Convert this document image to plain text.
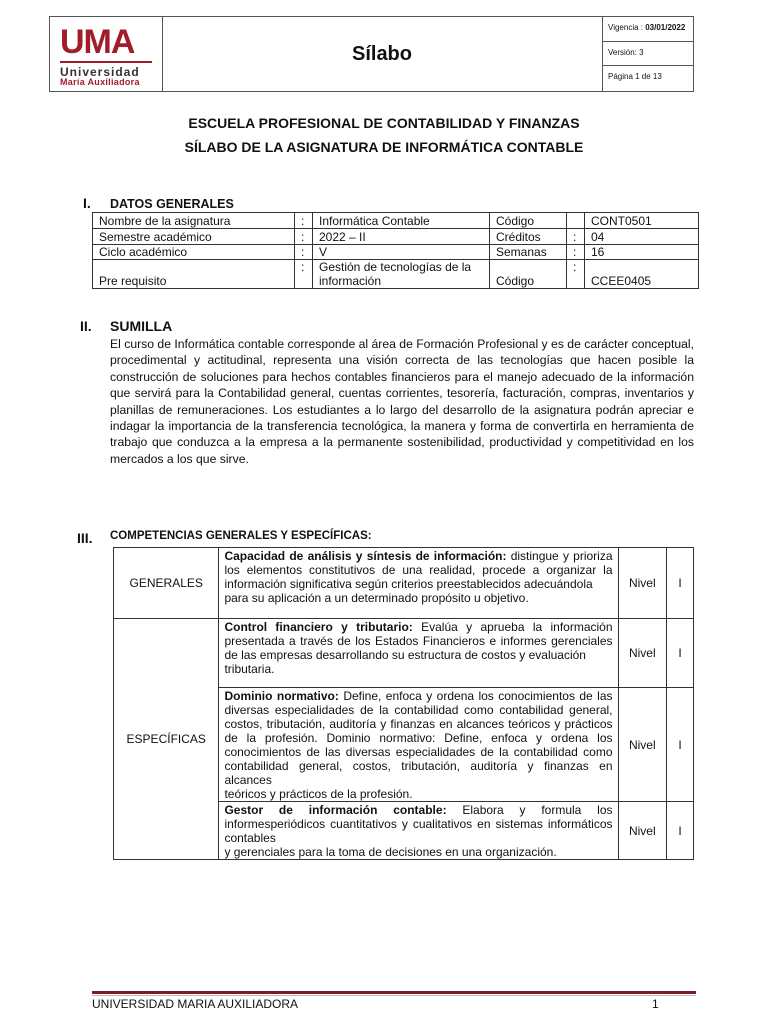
UMA
Universidad
María Auxiliadora
Sílabo
Vigencia : 03/01/2022
Versión: 3
Página 1 de 13
ESCUELA PROFESIONAL DE CONTABILIDAD Y FINANZAS
SÍLABO DE LA ASIGNATURA DE INFORMÁTICA CONTABLE
I. DATOS GENERALES
Nombre de la asignatura	:	Informática Contable	Código		CONT0501
Semestre académico	:	2022 – II	Créditos	:	04
Ciclo académico	:	V	Semanas	:	16
Pre requisito	:	Gestión de tecnologías de la información	Código	:	CCEE0405
II. SUMILLA
El curso de Informática contable corresponde al área de Formación Profesional y es de carácter conceptual, procedimental y actitudinal, representa una visión correcta de las tecnologías que hacen posible la construcción de soluciones para hechos contables financieros para el manejo adecuado de la información que servirá para la Contabilidad general, cuentas corrientes, tesorería, facturación, compras, inventarios y planillas de remuneraciones. Los estudiantes a lo largo del desarrollo de la asignatura podrán apreciar e indagar la importancia de la transferencia tecnológica, la manera y forma de convertirla en herramienta de trabajo que conduzca a la empresa a la permanente sostenibilidad, productividad y competitividad en los mercados a los que sirve.
III. COMPETENCIAS GENERALES Y ESPECÍFICAS:
GENERALES	Capacidad de análisis y síntesis de información: distingue y prioriza los elementos constitutivos de una realidad, procede a organizar la información significativa según criterios preestablecidos adecuándola
para su aplicación a un determinado propósito u objetivo.	Nivel	I
ESPECÍFICAS	Control financiero y tributario: Evalúa y aprueba la información presentada a través de los Estados Financieros e informes gerenciales de las empresas desarrollando su estructura de costos y evaluación
tributaria.	Nivel	I
	Dominio normativo: Define, enfoca y ordena los conocimientos de las diversas especialidades de la contabilidad como contabilidad general, costos, tributación, auditoría y finanzas en alcances teóricos y prácticos de la profesión. Dominio normativo: Define, enfoca y ordena los conocimientos de las diversas especialidades de la contabilidad como contabilidad general, costos, tributación, auditoría y finanzas en alcances
teóricos y prácticos de la profesión.	Nivel	I
	Gestor de información contable: Elabora y formula los informesperiódicos cuantitativos y cualitativos en sistemas informáticos contables
y gerenciales para la toma de decisiones en una organización.	Nivel	I
UNIVERSIDAD MARIA AUXILIADORA	1
